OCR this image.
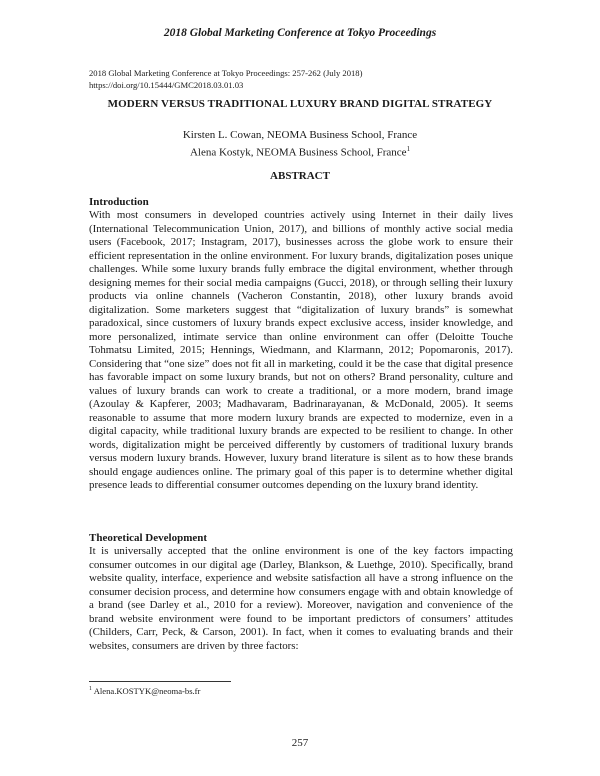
2018 Global Marketing Conference at Tokyo Proceedings
2018 Global Marketing Conference at Tokyo Proceedings: 257-262 (July 2018)
https://doi.org/10.15444/GMC2018.03.01.03
MODERN VERSUS TRADITIONAL LUXURY BRAND DIGITAL STRATEGY
Kirsten L. Cowan, NEOMA Business School, France
Alena Kostyk, NEOMA Business School, France$^1$
ABSTRACT
Introduction
With most consumers in developed countries actively using Internet in their daily lives (International Telecommunication Union, 2017), and billions of monthly active social media users (Facebook, 2017; Instagram, 2017), businesses across the globe work to ensure their efficient representation in the online environment. For luxury brands, digitalization poses unique challenges. While some luxury brands fully embrace the digital environment, whether through designing memes for their social media campaigns (Gucci, 2018), or through selling their luxury products via online channels (Vacheron Constantin, 2018), other luxury brands avoid digitalization. Some marketers suggest that “digitalization of luxury brands” is somewhat paradoxical, since customers of luxury brands expect exclusive access, insider knowledge, and more personalized, intimate service than online environment can offer (Deloitte Touche Tohmatsu Limited, 2015; Hennings, Wiedmann, and Klarmann, 2012; Popomaronis, 2017). Considering that “one size” does not fit all in marketing, could it be the case that digital presence has favorable impact on some luxury brands, but not on others? Brand personality, culture and values of luxury brands can work to create a traditional, or a more modern, brand image (Azoulay & Kapferer, 2003; Madhavaram, Badrinarayanan, & McDonald, 2005). It seems reasonable to assume that more modern luxury brands are expected to modernize, even in a digital capacity, while traditional luxury brands are expected to be resilient to change. In other words, digitalization might be perceived differently by customers of traditional luxury brands versus modern luxury brands. However, luxury brand literature is silent as to how these brands should engage audiences online. The primary goal of this paper is to determine whether digital presence leads to differential consumer outcomes depending on the luxury brand identity.
Theoretical Development
It is universally accepted that the online environment is one of the key factors impacting consumer outcomes in our digital age (Darley, Blankson, & Luethge, 2010). Specifically, brand website quality, interface, experience and website satisfaction all have a strong influence on the consumer decision process, and determine how consumers engage with and obtain knowledge of a brand (see Darley et al., 2010 for a review). Moreover, navigation and convenience of the brand website environment were found to be important predictors of consumers’ attitudes (Childers, Carr, Peck, & Carson, 2001). In fact, when it comes to evaluating brands and their websites, consumers are driven by three factors:
$^1$ Alena.KOSTYK@neoma-bs.fr
257
